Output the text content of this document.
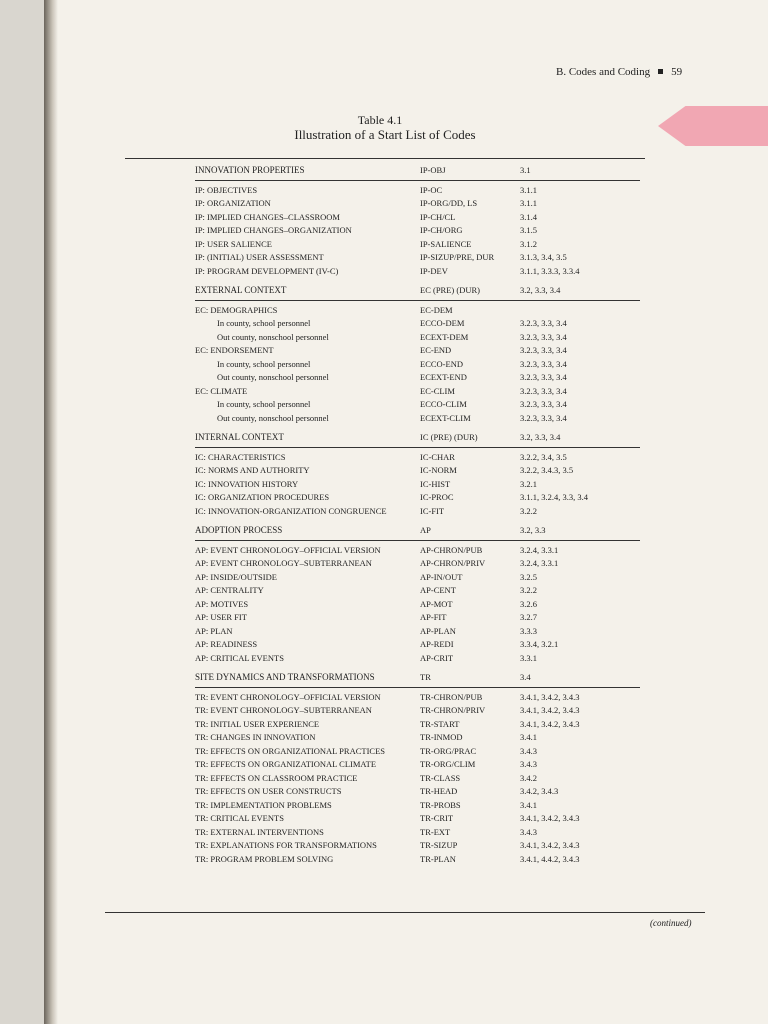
B. Codes and Coding 59
Table 4.1
Illustration of a Start List of Codes
INNOVATION PROPERTIES	IP-OBJ	3.1
IP: OBJECTIVES	IP-OC	3.1.1
IP: ORGANIZATION	IP-ORG/DD, LS	3.1.1
IP: IMPLIED CHANGES–CLASSROOM	IP-CH/CL	3.1.4
IP: IMPLIED CHANGES–ORGANIZATION	IP-CH/ORG	3.1.5
IP: USER SALIENCE	IP-SALIENCE	3.1.2
IP: (INITIAL) USER ASSESSMENT	IP-SIZUP/PRE, DUR	3.1.3, 3.4, 3.5
IP: PROGRAM DEVELOPMENT (IV-C)	IP-DEV	3.1.1, 3.3.3, 3.3.4
EXTERNAL CONTEXT	EC (PRE) (DUR)	3.2, 3.3, 3.4
EC: DEMOGRAPHICS	EC-DEM
In county, school personnel	ECCO-DEM	3.2.3, 3.3, 3.4
Out county, nonschool personnel	ECEXT-DEM	3.2.3, 3.3, 3.4
EC: ENDORSEMENT	EC-END	3.2.3, 3.3, 3.4
In county, school personnel	ECCO-END	3.2.3, 3.3, 3.4
Out county, nonschool personnel	ECEXT-END	3.2.3, 3.3, 3.4
EC: CLIMATE	EC-CLIM	3.2.3, 3.3, 3.4
In county, school personnel	ECCO-CLIM	3.2.3, 3.3, 3.4
Out county, nonschool personnel	ECEXT-CLIM	3.2.3, 3.3, 3.4
INTERNAL CONTEXT	IC (PRE) (DUR)	3.2, 3.3, 3.4
IC: CHARACTERISTICS	IC-CHAR	3.2.2, 3.4, 3.5
IC: NORMS AND AUTHORITY	IC-NORM	3.2.2, 3.4.3, 3.5
IC: INNOVATION HISTORY	IC-HIST	3.2.1
IC: ORGANIZATION PROCEDURES	IC-PROC	3.1.1, 3.2.4, 3.3, 3.4
IC: INNOVATION-ORGANIZATION CONGRUENCE	IC-FIT	3.2.2
ADOPTION PROCESS	AP	3.2, 3.3
AP: EVENT CHRONOLOGY–OFFICIAL VERSION	AP-CHRON/PUB	3.2.4, 3.3.1
AP: EVENT CHRONOLOGY–SUBTERRANEAN	AP-CHRON/PRIV	3.2.4, 3.3.1
AP: INSIDE/OUTSIDE	AP-IN/OUT	3.2.5
AP: CENTRALITY	AP-CENT	3.2.2
AP: MOTIVES	AP-MOT	3.2.6
AP: USER FIT	AP-FIT	3.2.7
AP: PLAN	AP-PLAN	3.3.3
AP: READINESS	AP-REDI	3.3.4, 3.2.1
AP: CRITICAL EVENTS	AP-CRIT	3.3.1
SITE DYNAMICS AND TRANSFORMATIONS	TR	3.4
TR: EVENT CHRONOLOGY–OFFICIAL VERSION	TR-CHRON/PUB	3.4.1, 3.4.2, 3.4.3
TR: EVENT CHRONOLOGY–SUBTERRANEAN	TR-CHRON/PRIV	3.4.1, 3.4.2, 3.4.3
TR: INITIAL USER EXPERIENCE	TR-START	3.4.1, 3.4.2, 3.4.3
TR: CHANGES IN INNOVATION	TR-INMOD	3.4.1
TR: EFFECTS ON ORGANIZATIONAL PRACTICES	TR-ORG/PRAC	3.4.3
TR: EFFECTS ON ORGANIZATIONAL CLIMATE	TR-ORG/CLIM	3.4.3
TR: EFFECTS ON CLASSROOM PRACTICE	TR-CLASS	3.4.2
TR: EFFECTS ON USER CONSTRUCTS	TR-HEAD	3.4.2, 3.4.3
TR: IMPLEMENTATION PROBLEMS	TR-PROBS	3.4.1
TR: CRITICAL EVENTS	TR-CRIT	3.4.1, 3.4.2, 3.4.3
TR: EXTERNAL INTERVENTIONS	TR-EXT	3.4.3
TR: EXPLANATIONS FOR TRANSFORMATIONS	TR-SIZUP	3.4.1, 3.4.2, 3.4.3
TR: PROGRAM PROBLEM SOLVING	TR-PLAN	3.4.1, 4.4.2, 3.4.3
(continued)
